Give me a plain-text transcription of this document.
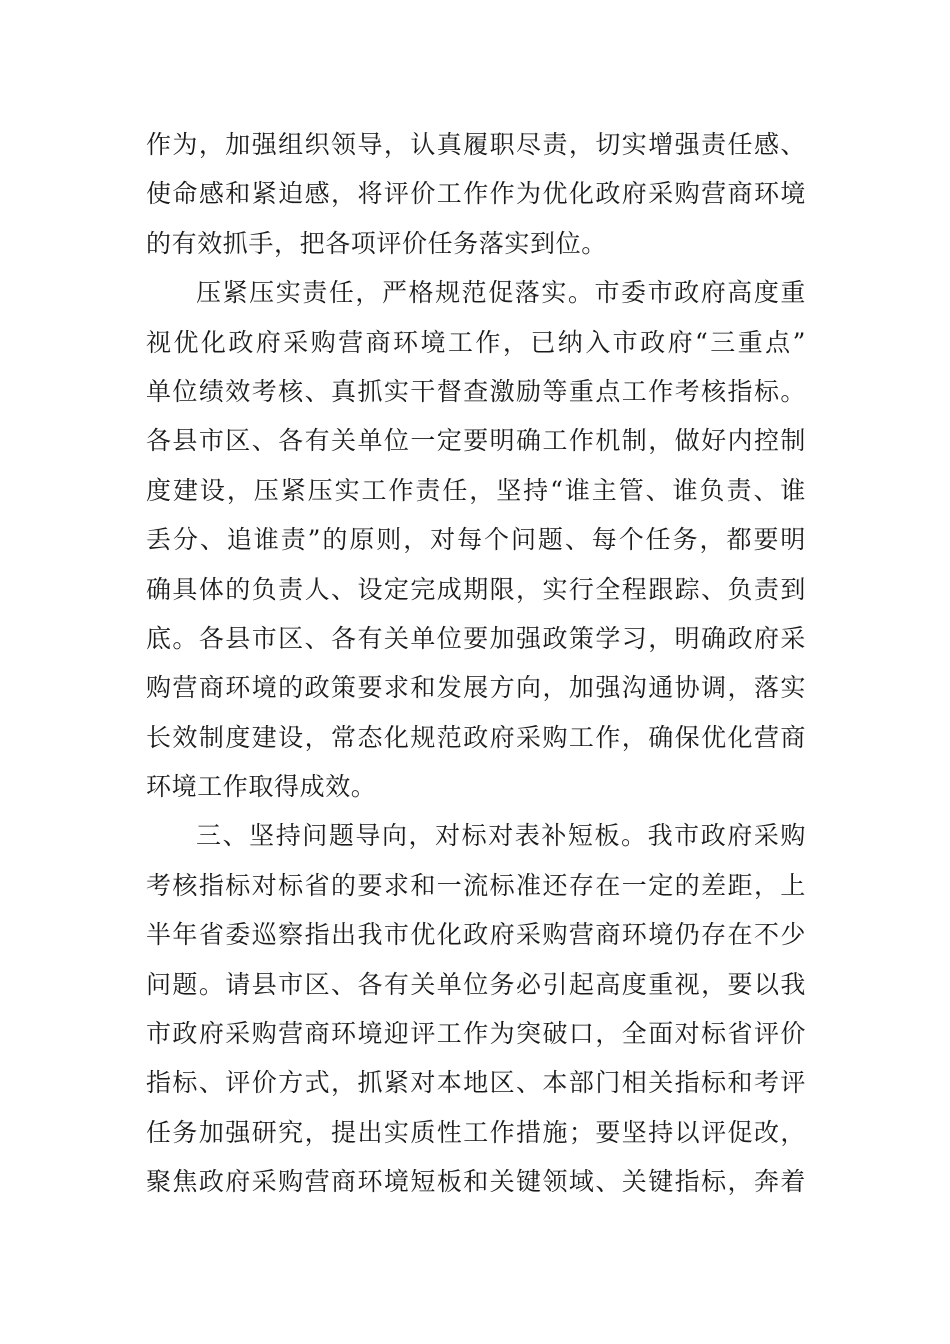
作为，加强组织领导，认真履职尽责，切实增强责任感、
使命感和紧迫感，将评价工作作为优化政府采购营商环境
的有效抓手，把各项评价任务落实到位。
压紧压实责任，严格规范促落实。市委市政府高度重
视优化政府采购营商环境工作，已纳入市政府“三重点”
单位绩效考核、真抓实干督查激励等重点工作考核指标。
各县市区、各有关单位一定要明确工作机制，做好内控制
度建设，压紧压实工作责任，坚持“谁主管、谁负责、谁
丢分、追谁责”的原则，对每个问题、每个任务，都要明
确具体的负责人、设定完成期限，实行全程跟踪、负责到
底。各县市区、各有关单位要加强政策学习，明确政府采
购营商环境的政策要求和发展方向，加强沟通协调，落实
长效制度建设，常态化规范政府采购工作，确保优化营商
环境工作取得成效。
三、坚持问题导向，对标对表补短板。我市政府采购
考核指标对标省的要求和一流标准还存在一定的差距，上
半年省委巡察指出我市优化政府采购营商环境仍存在不少
问题。请县市区、各有关单位务必引起高度重视，要以我
市政府采购营商环境迎评工作为突破口，全面对标省评价
指标、评价方式，抓紧对本地区、本部门相关指标和考评
任务加强研究，提出实质性工作措施；要坚持以评促改，
聚焦政府采购营商环境短板和关键领域、关键指标，奔着
